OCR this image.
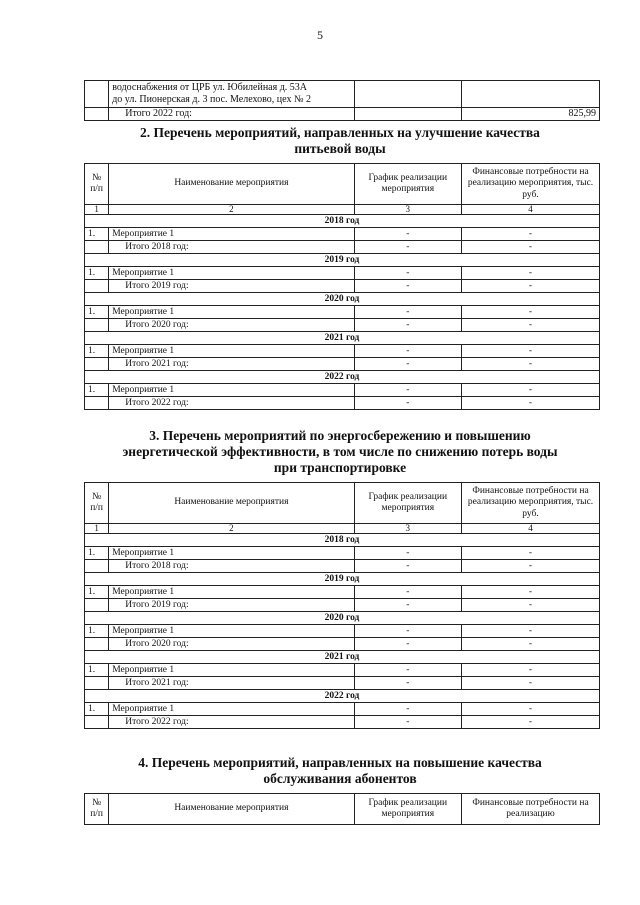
5

	водоснабжения от ЦРБ ул. Юбилейная д. 53А
до ул. Пионерская д. 3 пос. Мелехово, цех № 2		

	Итого 2022 год:		825,99
2. Перечень мероприятий, направленных на улучшение качества
питьевой воды
№ п/п	Наименование мероприятия	График реализации мероприятия	Финансовые потребности на реализацию мероприятия, тыс. руб.
1	2	3	4
2018 год			
1.	Мероприятие 1	-	-
	Итого 2018 год:	-	-
2019 год			
1.	Мероприятие 1	-	-
	Итого 2019 год:	-	-
2020 год			
1.	Мероприятие 1	-	-
	Итого 2020 год:	-	-
2021 год			
1.	Мероприятие 1	-	-
	Итого 2021 год:	-	-
2022 год			
1.	Мероприятие 1	-	-
	Итого 2022 год:	-	-
3. Перечень мероприятий по энергосбережению и повышению
энергетической эффективности, в том числе по снижению потерь воды
при транспортировке
№ п/п	Наименование мероприятия	График реализации мероприятия	Финансовые потребности на реализацию мероприятия, тыс. руб.
1	2	3	4
2018 год			
1.	Мероприятие 1	-	-
	Итого 2018 год:	-	-
2019 год			
1.	Мероприятие 1	-	-
	Итого 2019 год:	-	-
2020 год			
1.	Мероприятие 1	-	-
	Итого 2020 год:	-	-
2021 год			
1.	Мероприятие 1	-	-
	Итого 2021 год:	-	-
2022 год			
1.	Мероприятие 1	-	-
	Итого 2022 год:	-	-
4. Перечень мероприятий, направленных на повышение качества
обслуживания абонентов
№ п/п	Наименование мероприятия	График реализации мероприятия	Финансовые потребности на реализацию
